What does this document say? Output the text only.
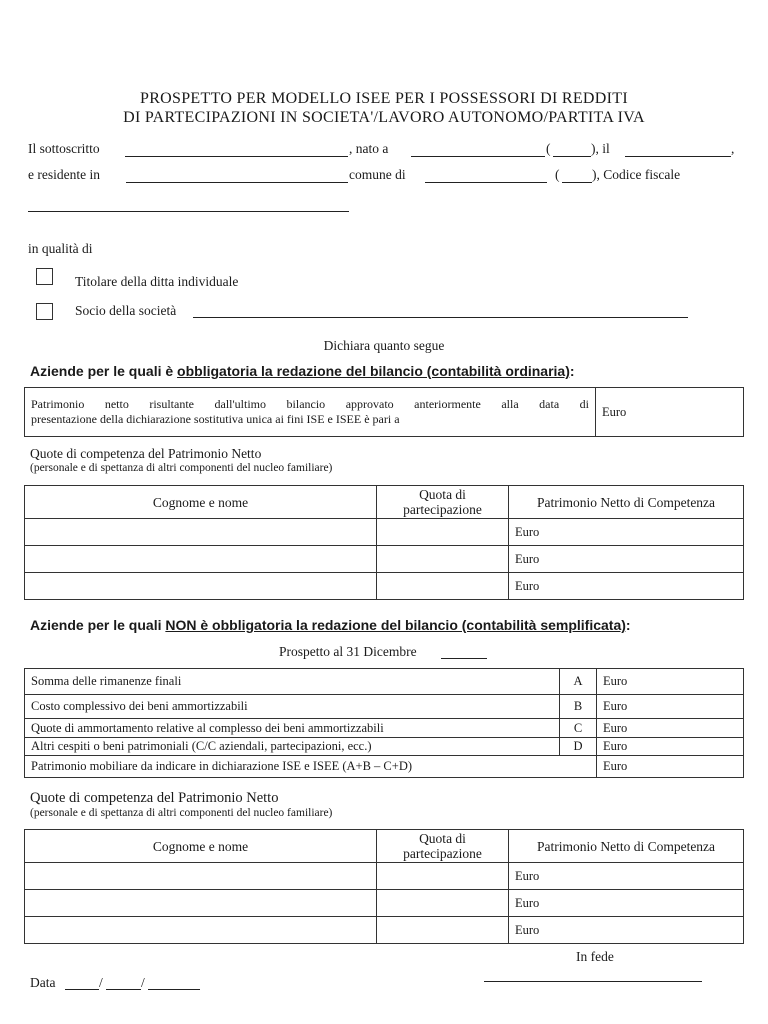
PROSPETTO PER MODELLO ISEE PER I POSSESSORI DI REDDITI
DI PARTECIPAZIONI IN SOCIETA'/LAVORO AUTONOMO/PARTITA IVA
Il sottoscritto	, nato a	(	), il	,
e residente in	comune di	( ), Codice fiscale
in qualità di
Titolare della ditta individuale
Socio della società
Dichiara quanto segue
Aziende per le quali è obbligatoria la redazione del bilancio (contabilità ordinaria):
Patrimonio netto risultante dall'ultimo bilancio approvato anteriormente alla data di
presentazione della dichiarazione sostitutiva unica ai fini ISE e ISEE è pari a
	Euro
Quote di competenza del Patrimonio Netto
(personale e di spettanza di altri componenti del nucleo familiare)
Cognome e nome	Quota di partecipazione	Patrimonio Netto di Competenza
		Euro
		Euro
		Euro
Aziende per le quali NON è obbligatoria la redazione del bilancio (contabilità semplificata):
Prospetto al 31 Dicembre
Somma delle rimanenze finali	A	Euro
Costo complessivo dei beni ammortizzabili	B	Euro
Quote di ammortamento relative al complesso dei beni ammortizzabili	C	Euro
Altri cespiti o beni patrimoniali (C/C aziendali, partecipazioni, ecc.)	D	Euro
Patrimonio mobiliare da indicare in dichiarazione ISE e ISEE (A+B – C+D)		Euro
Quote di competenza del Patrimonio Netto
(personale e di spettanza di altri componenti del nucleo familiare)
Cognome e nome	Quota di partecipazione	Patrimonio Netto di Competenza
		Euro
		Euro
		Euro
In fede
Data	/	/
